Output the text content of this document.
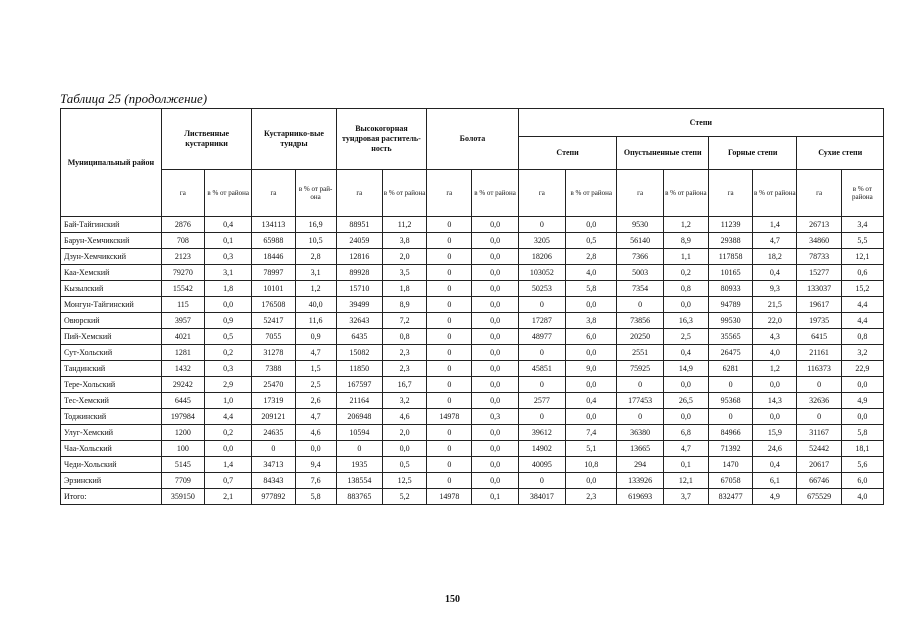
Таблица 25 (продолжение)
Муниципальный район	Лиственные кустарники		Кустарнико-вые тундры		Высокогорная тундровая раститель-ность		Болота		Степи							
									Степи		Опустыненные степи		Горные степи		Сухие степи	
	га	в % от района	га	в % от рай-она	га	в % от района	га	в % от района	га	в % от района	га	в % от района	га	в % от района	га	в % от района
Бай-Тайгинский	2876	0,4	134113	16,9	88951	11,2	0	0,0	0	0,0	9530	1,2	11239	1,4	26713	3,4
Барун-Хемчикский	708	0,1	65988	10,5	24059	3,8	0	0,0	3205	0,5	56140	8,9	29388	4,7	34860	5,5
Дзун-Хемчикский	2123	0,3	18446	2,8	12816	2,0	0	0,0	18206	2,8	7366	1,1	117858	18,2	78733	12,1
Каа-Хемский	79270	3,1	78997	3,1	89928	3,5	0	0,0	103052	4,0	5003	0,2	10165	0,4	15277	0,6
Кызылский	15542	1,8	10101	1,2	15710	1,8	0	0,0	50253	5,8	7354	0,8	80933	9,3	133037	15,2
Монгун-Тайгинский	115	0,0	176508	40,0	39499	8,9	0	0,0	0	0,0	0	0,0	94789	21,5	19617	4,4
Овюрский	3957	0,9	52417	11,6	32643	7,2	0	0,0	17287	3,8	73856	16,3	99530	22,0	19735	4,4
Пий-Хемский	4021	0,5	7055	0,9	6435	0,8	0	0,0	48977	6,0	20250	2,5	35565	4,3	6415	0,8
Сут-Хольский	1281	0,2	31278	4,7	15082	2,3	0	0,0	0	0,0	2551	0,4	26475	4,0	21161	3,2
Тандинский	1432	0,3	7388	1,5	11850	2,3	0	0,0	45851	9,0	75925	14,9	6281	1,2	116373	22,9
Тере-Хольский	29242	2,9	25470	2,5	167597	16,7	0	0,0	0	0,0	0	0,0	0	0,0	0	0,0
Тес-Хемский	6445	1,0	17319	2,6	21164	3,2	0	0,0	2577	0,4	177453	26,5	95368	14,3	32636	4,9
Тоджинский	197984	4,4	209121	4,7	206948	4,6	14978	0,3	0	0,0	0	0,0	0	0,0	0	0,0
Улуг-Хемский	1200	0,2	24635	4,6	10594	2,0	0	0,0	39612	7,4	36380	6,8	84966	15,9	31167	5,8
Чаа-Хольский	100	0,0	0	0,0	0	0,0	0	0,0	14902	5,1	13665	4,7	71392	24,6	52442	18,1
Чеди-Хольский	5145	1,4	34713	9,4	1935	0,5	0	0,0	40095	10,8	294	0,1	1470	0,4	20617	5,6
Эрзинский	7709	0,7	84343	7,6	138554	12,5	0	0,0	0	0,0	133926	12,1	67058	6,1	66746	6,0
Итого:	359150	2,1	977892	5,8	883765	5,2	14978	0,1	384017	2,3	619693	3,7	832477	4,9	675529	4,0
150
